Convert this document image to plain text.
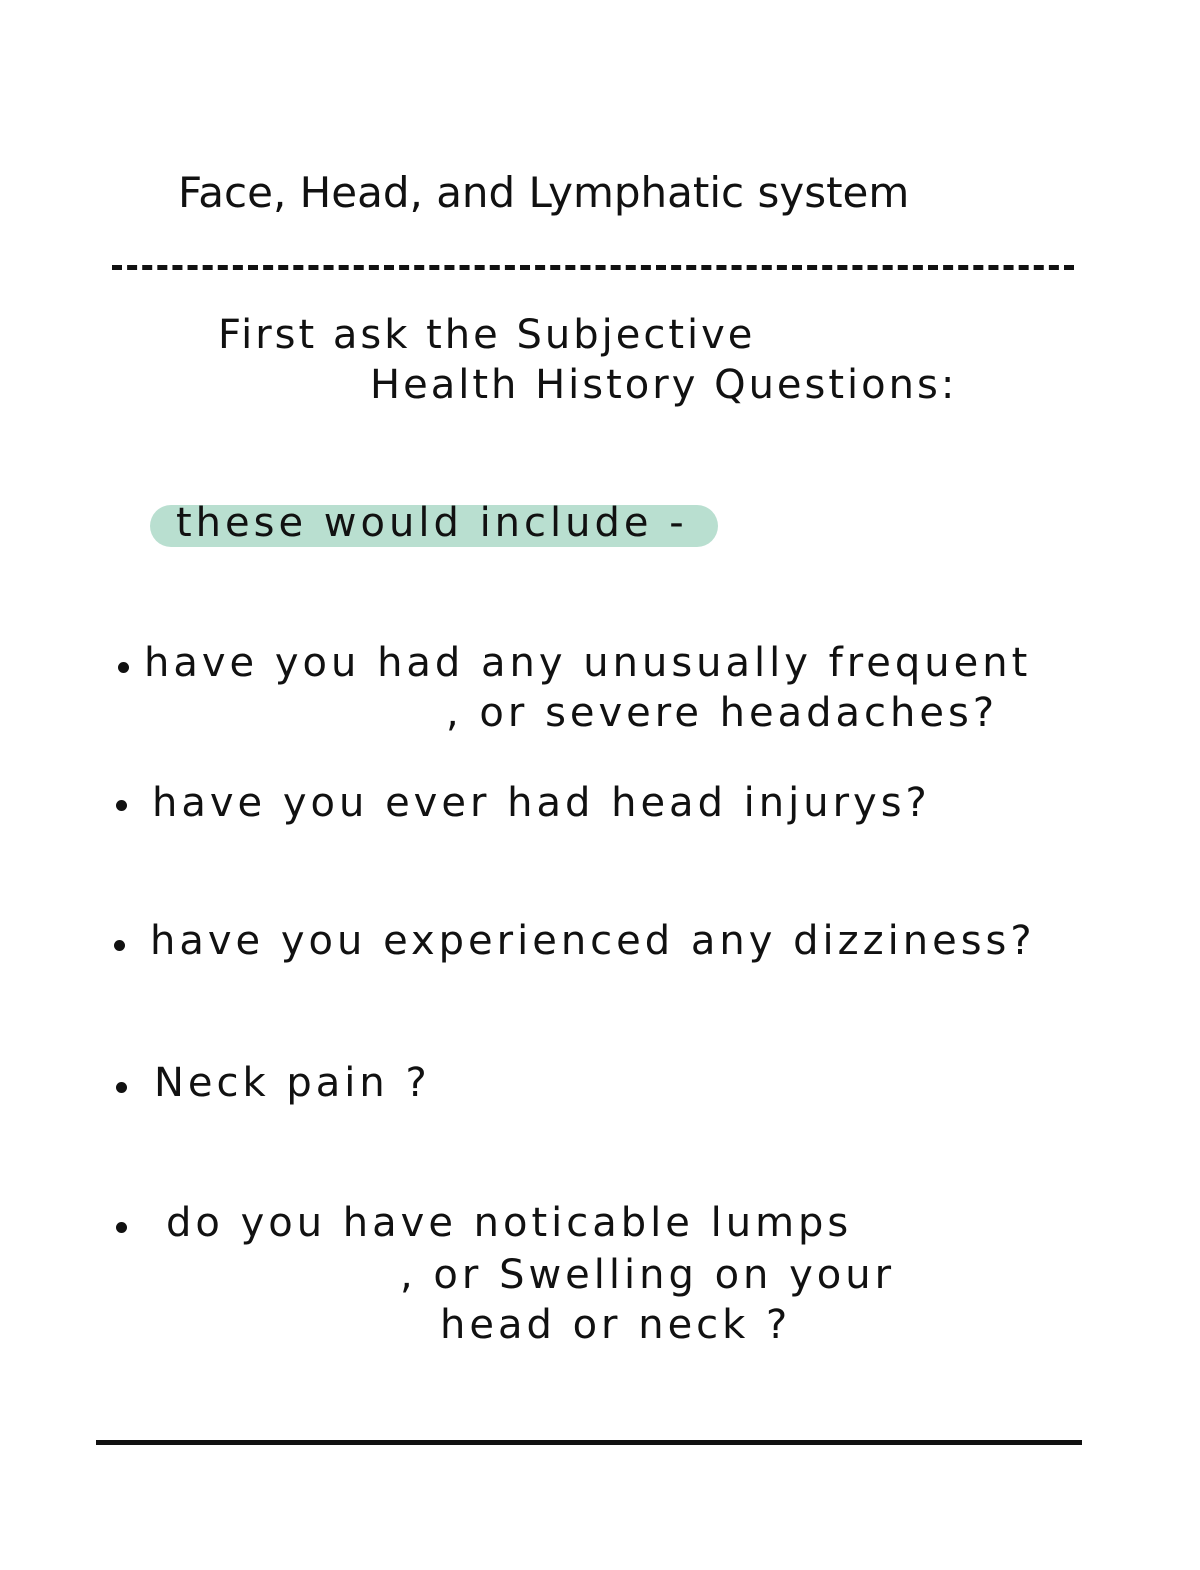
Face, Head, and Lymphatic system
First ask the Subjective
Health History Questions:
these would include -
have you had any unusually frequent
, or severe headaches?
have you ever had head injurys?
have you experienced any dizziness?
Neck pain ?
do you have noticable lumps
, or Swelling on your
head or neck ?
